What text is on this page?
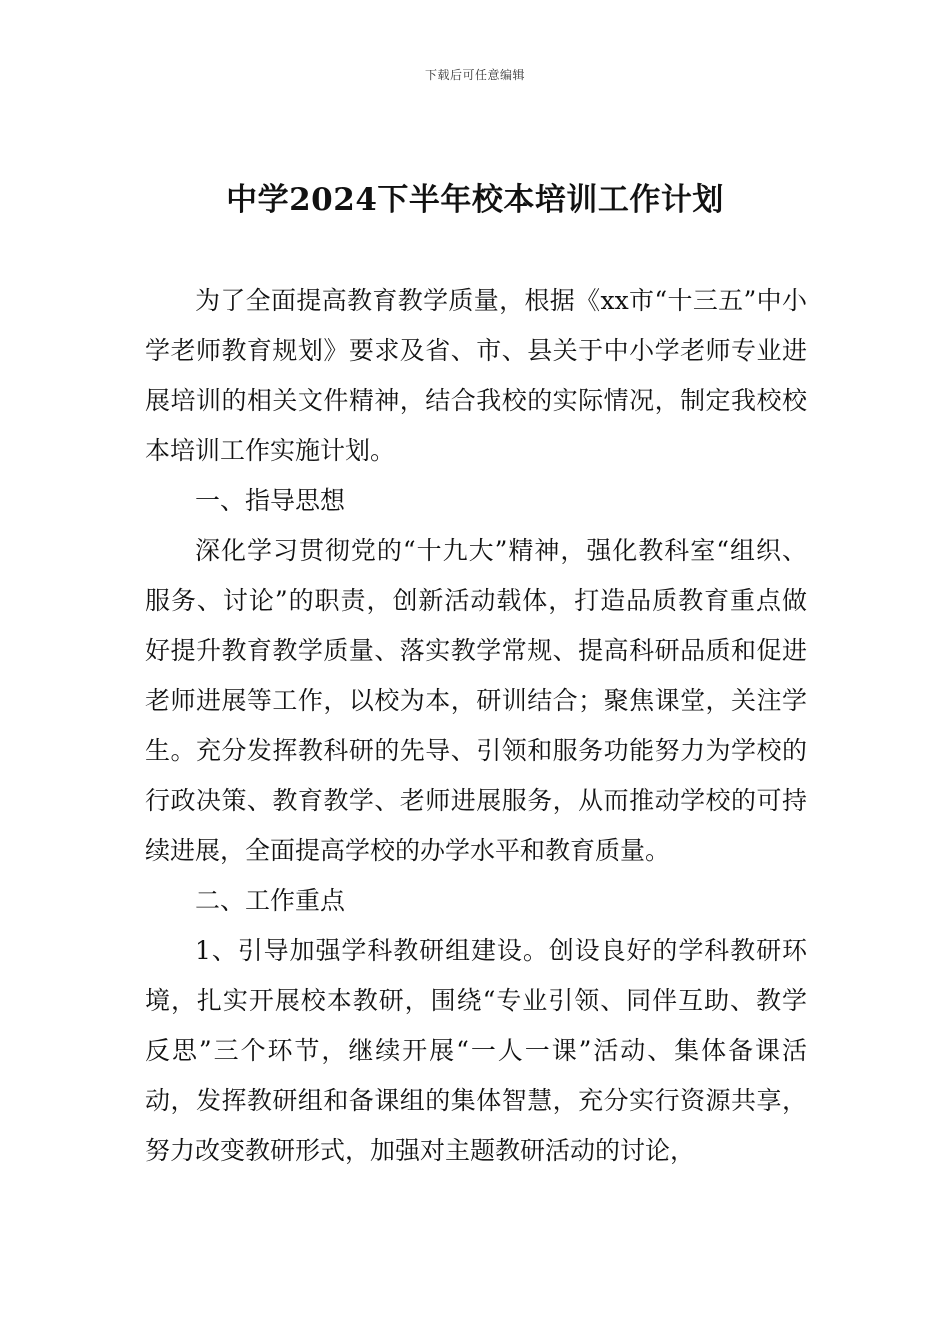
下载后可任意编辑
中学2024下半年校本培训工作计划

为了全面提高教育教学质量，根据《xx市“十三五”中小学老师教育规划》要求及省、市、县关于中小学老师专业进展培训的相关文件精神，结合我校的实际情况，制定我校校本培训工作实施计划。

一、指导思想

深化学习贯彻党的“十九大”精神，强化教科室“组织、服务、讨论”的职责，创新活动载体，打造品质教育重点做好提升教育教学质量、落实教学常规、提高科研品质和促进老师进展等工作，以校为本，研训结合；聚焦课堂，关注学生。充分发挥教科研的先导、引领和服务功能努力为学校的行政决策、教育教学、老师进展服务，从而推动学校的可持续进展，全面提高学校的办学水平和教育质量。

二、工作重点

1、引导加强学科教研组建设。创设良好的学科教研环境，扎实开展校本教研，围绕“专业引领、同伴互助、教学反思”三个环节，继续开展“一人一课”活动、集体备课活动，发挥教研组和备课组的集体智慧，充分实行资源共享，努力改变教研形式，加强对主题教研活动的讨论，
